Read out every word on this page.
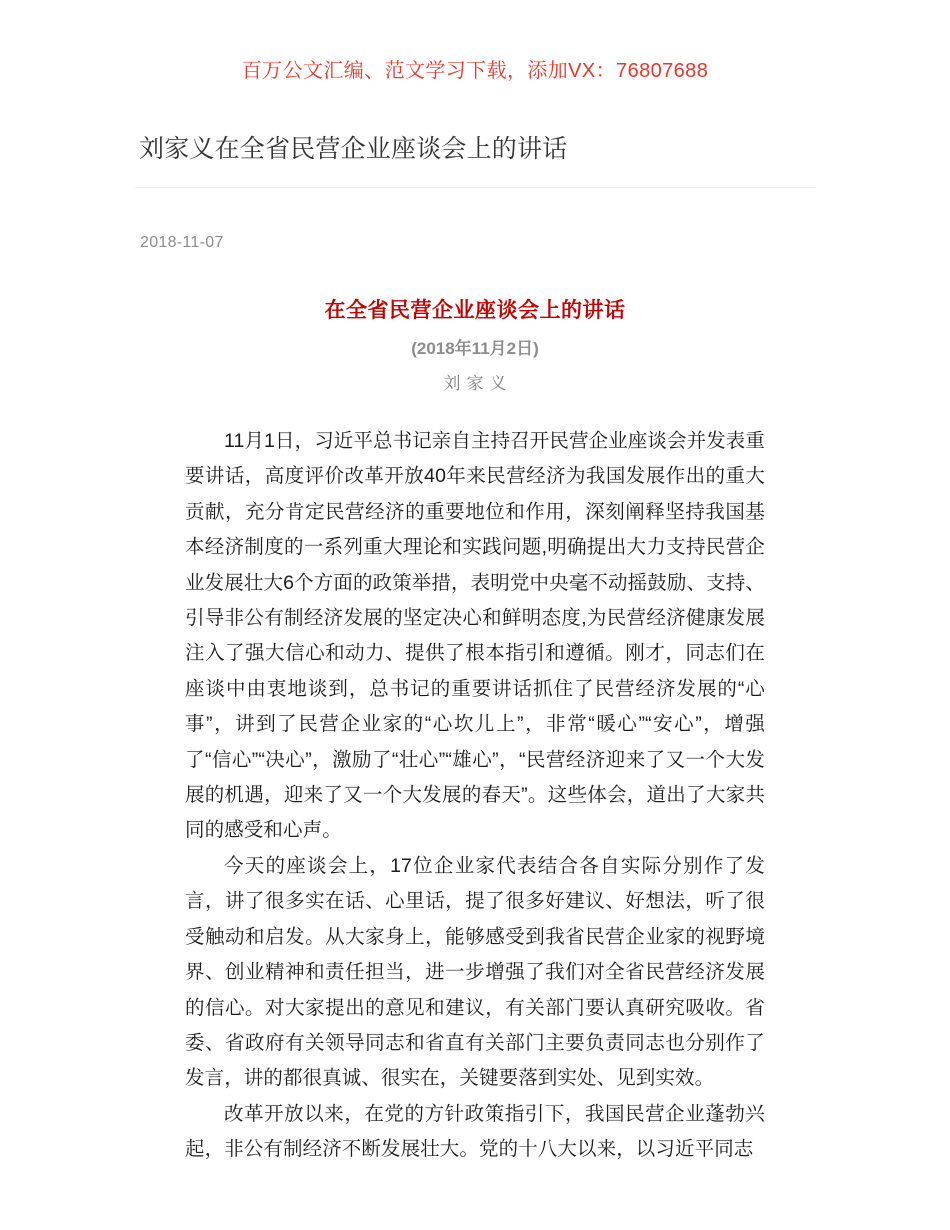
百万公文汇编、范文学习下载，添加VX：76807688
刘家义在全省民营企业座谈会上的讲话
2018-11-07
在全省民营企业座谈会上的讲话
(2018年11月2日)
刘家义

11月1日，习近平总书记亲自主持召开民营企业座谈会并发表重要讲话，高度评价改革开放40年来民营经济为我国发展作出的重大贡献，充分肯定民营经济的重要地位和作用，深刻阐释坚持我国基本经济制度的一系列重大理论和实践问题,明确提出大力支持民营企业发展壮大6个方面的政策举措，表明党中央毫不动摇鼓励、支持、引导非公有制经济发展的坚定决心和鲜明态度,为民营经济健康发展注入了强大信心和动力、提供了根本指引和遵循。刚才，同志们在座谈中由衷地谈到，总书记的重要讲话抓住了民营经济发展的“心事”，讲到了民营企业家的“心坎儿上”，非常“暖心”“安心”，增强了“信心”“决心”，激励了“壮心”“雄心”，“民营经济迎来了又一个大发展的机遇，迎来了又一个大发展的春天”。这些体会，道出了大家共同的感受和心声。

今天的座谈会上，17位企业家代表结合各自实际分别作了发言，讲了很多实在话、心里话，提了很多好建议、好想法，听了很受触动和启发。从大家身上，能够感受到我省民营企业家的视野境界、创业精神和责任担当，进一步增强了我们对全省民营经济发展的信心。对大家提出的意见和建议，有关部门要认真研究吸收。省委、省政府有关领导同志和省直有关部门主要负责同志也分别作了发言，讲的都很真诚、很实在，关键要落到实处、见到实效。

改革开放以来，在党的方针政策指引下，我国民营企业蓬勃兴起，非公有制经济不断发展壮大。党的十八大以来，以习近平同志
